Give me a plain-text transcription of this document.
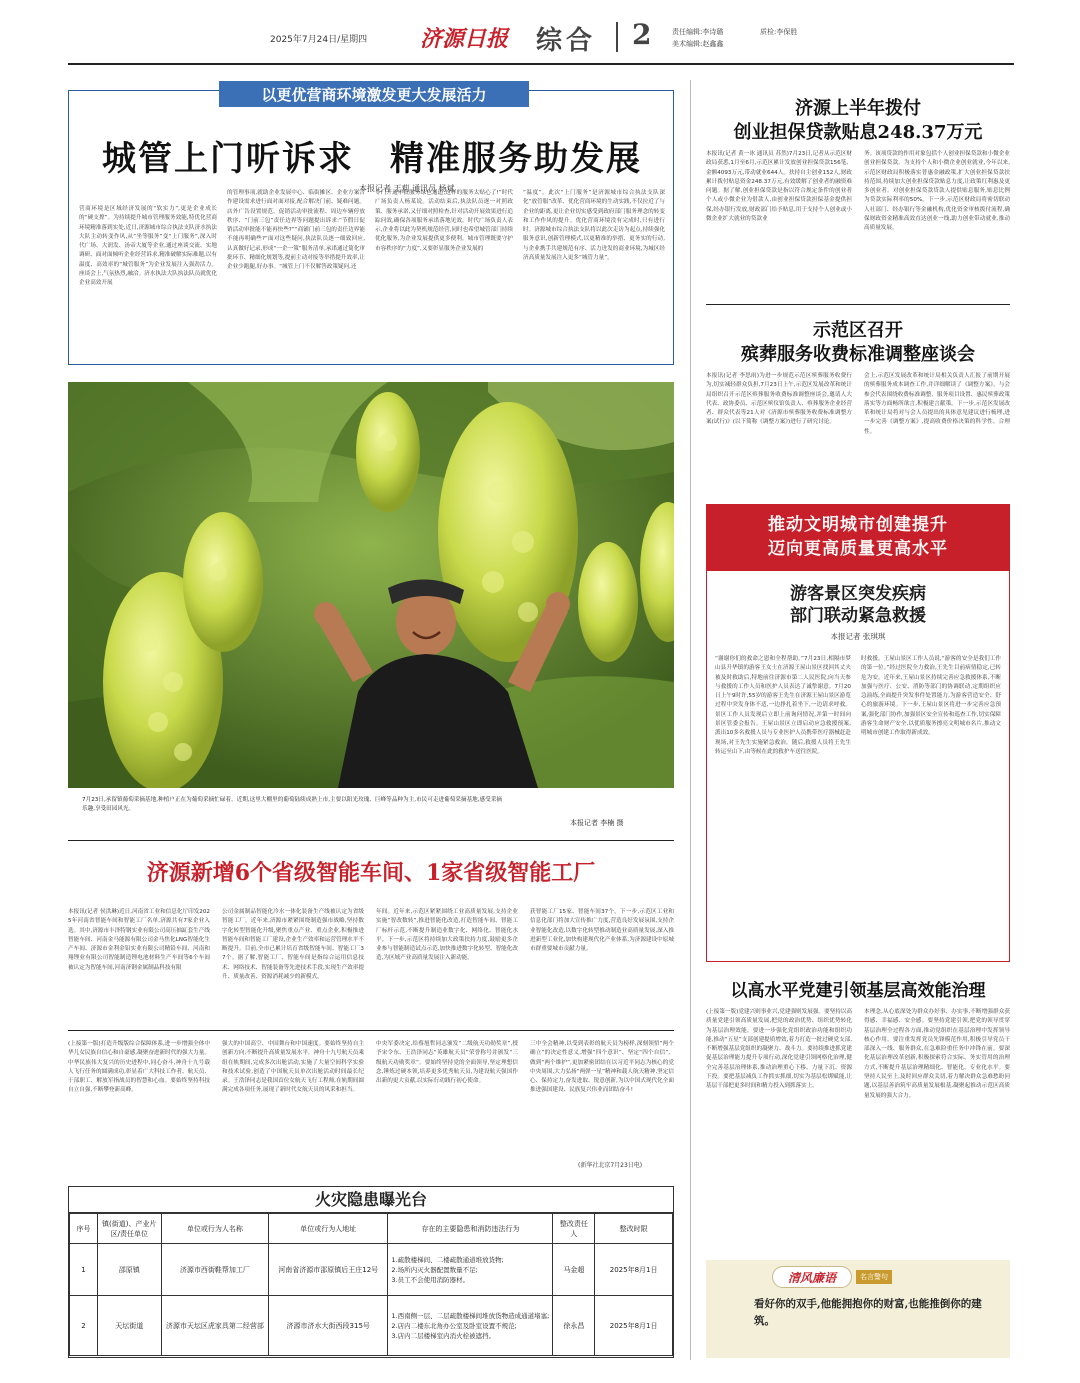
2025年7月24日/星期四 济源日报 综合 2	责任编辑:李诗璐
美术编辑:赵鑫鑫
质检:李保胜
以更优营商环境激发更大发展活力
城管上门听诉求　精准服务助发展
本报记者 王莉 通讯员 杨斌
营商环境是区域经济发展的“软实力”,更是企业成长的“硬支撑”。为持续提升城市管理服务效能,特优化营商环境精准落到实处,近日,济源城市综合执法支队济水执法大队主动转变作风,从“坐等服务”变“上门服务”,深入时代广场、大润发、汤帝大厦等企业,通过座谈交流、实地调研、面对面倾听企业经营诉求,精准破解实际难题,以有温度、高效率的“城管服务”为企业发展注入强劲活力。座谈会上,气氛热烈,融洽。济水执法大队执法队员就优化企业高效开展
的管理事项,就助企业发展中心、临街摊区、企业方案合作建设需求进行面对面对接,配合解决门前、疑难问题。店外广告设置规范、促销活动审批流程、周边车辆停放秩序、“门前三包”责任边界等问题提出诉求:“节假日促销活动审批能不能再快些?”“商铺门前三包的责任边界能不能再明确些?”面对这些疑问,执法队员逐一细致回应,认真做好记录,形成“一企一策”服务清单,承诺通过简化审批环节、精细化规划等,提前主动对接等举措提升效率,让企业少跑腿,好办事。“城管上门不仅解答政策疑问,还
专门开通审批服务绿色通道,这样的服务太贴心了!”时代广场负责人杨某说。活动结束后,执法队员逐一对照政策、服务承诺,又仔细对照检查,针对活动开展效果进行追踪问效,确保各项服务承诺落地见效。时代广场负责人表示,企业将以此为契机规范经营,同时也希望城管部门持续优化服务,为企业发展提供更多便利。城市管理既要守护市容秩序的“力度”,又要彰显服务企业发展的
“温度”。此次“上门服务”是济源城市综合执法支队深化“放管服”改革、优化营商环境的生动实践,不仅拉近了与企业的距离,更让企业切实感受到政府部门服务理念的转变和工作作风的提升。优化营商环境没有完成时,只有进行时。济源城市综合执法支队将以此次走访为起点,持续强化服务意识,创新管理模式,以更精准的举措、更务实的行动,与企业携手共建规范有序、活力迸发的商业环境,为城区经济高质量发展注入更多“城管力量”。
7月23日,承留镇葡萄采摘基地,种植户正在为葡萄采摘忙碌着。近期,这里大棚里的葡萄陆续成熟上市,主要以阳光玫瑰、巨峰等品种为主,市民可走进葡萄采摘基地,感受采摘乐趣,享受田园风光。
本报记者 李楠 摄
济源新增6个省级智能车间、1家省级智能工厂
本报讯(记者 侯洪琳)近日,河南省工业和信息化厅印发2025年河南省智能车间和智能工厂名单,济源共有7家企业入选。其中,济源市丰泽特钢实业有限公司高压抽缸套生产线智能车间、河南金马能源有限公司金马焦化LNG智能化生产车间、济源市金利金铅实业有限公司精铅车间、河南和翔锂业有限公司智能制造锂电池材料生产车间等6个车间被认定为智能车间,河南济钢金属制品科技有限
公司金属制品智能化冷水一体化装备生产线被认定为省级智能工厂。近年来,济源市紧紧围绕制造强市战略,坚持数字化转型智能化升级,聚焦重点产业、重点企业,积极推进智能车间和智能工厂建设,企业生产效率和运营管理水平不断提升。目前,全市已累计培育省级智能车间、智能工厂37个。据了解,智能工厂、智能车间是指综合运用信息技术、网络技术、智能装备等先进技术手段,实现生产效率提升、质量改善、资源消耗减少的新模式。
年间。近年来,示范区紧紧围绕工业高质量发展,支持企业实施“智改数转”,推进智能化改造,打造智能车间、智能工厂标杆示范,不断提升制造业数字化、网络化、智能化水平。下一步,示范区将持续加大政策扶持力度,鼓励更多企业参与智能制造试点示范,加快推进数字化转型、智能化改造,为区域产业高质量发展注入新动能。
获智能工厂15家、智能车间37个。下一步,示范区工业和信息化部门将加大宣传推广力度,营造良好发展氛围,支持企业智能化改造,以数字化转型推动制造业高质量发展,深入推进新型工业化,加快构建现代化产业体系,为济源建设中原城市群重要城市贡献力量。
(上接第一版)打造升级版综合保障体系,进一步增强全体中华儿女民族自信心和自豪感,凝聚奋进新时代的强大力量。中华民族伟大复兴的历史进程中,同心奋斗,神舟十九号载人飞行任务的圆满成功,彰显着广大科技工作者、航天员、干部职工、解放军指战员的智慧和心血。要始终坚持科技自立自强,不断攀登新高峰。
强大的中国高空、中国舞台和中国速度。要始终坚持自主创新方向,不断提升高质量发展水平。神舟十九号航天员乘组在轨期间,完成多次出舱活动,实施了大量空间科学实验和技术试验,创造了中国航天员单次出舱活动时间最长纪录。王浩泽同志是我国首位女航天飞行工程师,在轨期间圆满完成各项任务,展现了新时代女航天员的风采和担当。
中央军委决定,给蔡旭哲同志颁发“二级航天功勋奖章”,授予宋令东、王浩泽同志“英雄航天员”荣誉称号并颁发“三级航天功勋奖章”。要始终坚持党的全面领导,坚定理想信念,锤炼过硬本领,培养更多优秀航天员,为建设航天强国作出新的更大贡献,以实际行动践行初心使命。
三中全会精神,以受到表彰的航天员为榜样,深刻领悟“两个确立”的决定性意义,增强“四个意识”、坚定“四个自信”、做到“两个维护”,更加紧密团结在以习近平同志为核心的党中央周围,大力弘扬“两弹一星”精神和载人航天精神,坚定信心、保持定力,奋发进取、锐意创新,为以中国式现代化全面推进强国建设、民族复兴伟业而团结奋斗!
(新华社北京7月23日电)
火灾隐患曝光台
序号	镇(街道)、产业片区/责任单位	单位或行为人名称	单位或行为人地址	存在的主要隐患和消防违法行为	整改责任人	整改时限
1	邵原镇	济源市西街鞋帮加工厂	河南省济源市邵原镇后王庄12号	1.疏散楼梯间、二楼疏散通道堆放货物;
2.场所内灭火器配置数量不足;
3.员工不会使用消防器材。	马金超	2025年8月1日
2	天坛街道	济源市天坛区虎家具第二经营部	济源市济水大街西段315号	1.西南侧一层、二层疏散楼梯间堆放货物造成通道堵塞;
2.店内二楼东北角办公室及卧室设置不规范;
3.店内二层楼梯室内消火栓被遮挡。	徐永昌	2025年8月1日
济源上半年拨付
创业担保贷款贴息248.37万元
本报讯(记者 黄一冰 通讯员 苏然)7月23日,记者从示范区财政局获悉,1月至6月,示范区累计发放创业担保贷款156笔、金额4093万元,带动就业644人。扶持自主创业152人,财政累计拨付贴息资金248.37万元,有效缓解了创业者的融资难问题。据了解,创业担保贷款是指以符合规定条件的创业者个人或小微企业为借款人,由创业担保贷款担保基金提供担保,经办银行发放,财政部门给予贴息,用于支持个人创业或小微企业扩大就业的贷款业
务。该项贷款的作用对象包括个人创业担保贷款和小微企业创业担保贷款。为支持个人和小微企业创业就业,今年以来,示范区财政局积极落实普惠金融政策,扩大创业担保贷款扶持范围,持续加大创业担保贷款贴息力度,让政策红利惠及更多创业者。对创业担保贷款贷款人提供贴息服务,贴息比例为贷款实际利率的50%。下一步,示范区财政局将密切联动人社部门、经办银行等金融机构,优化资金审核拨付流程,确保财政资金精准高效直达创业一线,助力创业带动就业,推动高质量发展。
示范区召开
殡葬服务收费标准调整座谈会
本报讯(记者 李思雨)为进一步规范示范区殡葬服务收费行为,切实减轻群众负担,7月23日上午,示范区发展改革和统计局组织召开示范区殡葬服务收费标准调整座谈会,邀请人大代表、政协委员、示范区殡仪馆负责人、殡葬服务企业经营者、群众代表等21人对《济源市殡葬服务收费标准调整方案(试行)》(以下简称《调整方案》)进行了研究讨论。
会上,示范区发展改革和统计局相关负责人汇报了前期开展的殡葬服务成本调查工作,并详细解读了《调整方案》。与会参会代表围绕收费标准调整、服务项目设置、惠民殡葬政策落实等方面畅所欲言,积极建言献策。下一步,示范区发展改革和统计局将对与会人员提出的具体意见建议进行梳理,进一步完善《调整方案》,提高收费价格决策的科学性、合理性。
推动文明城市创建提升
迈向更高质量更高水平
游客景区突发疾病
部门联动紧急救援
本报记者 张琪琪
“谢谢你们的救命之恩和全程帮助。”7月23日,相隔市梦山县升华镇的游客王女士在济源王屋山景区找回其丈夫被及时救助后,特地前往济源市第二人民医院,向当天参与救援的工作人员和医护人员表达了诚挚谢意。7月20日上午9时许,55岁的游客王先生在济源王屋山景区游览过程中突发身体不适,一边挣扎着坐下,一边请求呼救。景区工作人员发现后立即上前询问情况,并第一时间向景区管委会报告。王屋山景区立即启动应急救援预案,派出10多名救援人员与专业医护人员携带医疗器械赶赴现场,对王先生实施紧急救治。随后,救援人员将王先生转运至山下,由等候在此的救护车送往医院。
时救援。王屋山景区工作人员说,“游客的安全是我们工作的第一位。”经过医院全力救治,王先生目前病情稳定,已转危为安。近年来,王屋山景区持续完善应急救援体系,不断加强与医疗、公安、消防等部门的协调联动,定期组织应急演练,全面提升突发事件处置能力,为游客营造安全、舒心的旅游环境。下一步,王屋山景区将进一步完善应急预案,强化部门协作,加强景区安全宣传和巡查工作,切实保障游客生命财产安全,以优质服务擦亮文明城市名片,推动文明城市创建工作取得新成效。
以高水平党建引领基层高效能治理
(上接第一版)党建兴则事业兴,党建强则发展强。要坚持以高质量党建引领高质量发展,把党的政治优势、组织优势转化为基层治理效能。要进一步强化党组织政治功能和组织功能,推动“五星”支部创建提质增效,着力打造一批过硬党支部,不断增强基层党组织的凝聚力、战斗力。要持续推进抓党建促基层治理能力提升专项行动,深化党建引领网格化治理,健全完善基层治理体系,推动治理重心下移、力量下沉、资源下投。要把基层减负工作抓实抓细,切实为基层松绑赋能,让基层干部把更多时间和精力投入到抓落实上。
本理念,从心底深处为群众办好事、办实事,不断增强群众获得感、幸福感、安全感。要坚持党建引领,把党的领导贯穿基层治理全过程各方面,推动党组织在基层治理中发挥领导核心作用。要注重发挥党员先锋模范作用,积极引导党员干部深入一线、服务群众,在急难险重任务中冲锋在前。要深化基层治理改革创新,积极探索符合实际、务实管用的治理方式,不断提升基层治理精细化、智能化、专业化水平。要坚持人民至上,及时回应群众关切,着力解决群众急难愁盼问题,以基层善治筑牢高质量发展根基,凝聚起推动示范区高质量发展的强大合力。
清风廉语	名言警句
看好你的双手,他能拥抱你的财富,也能推倒你的建筑。
